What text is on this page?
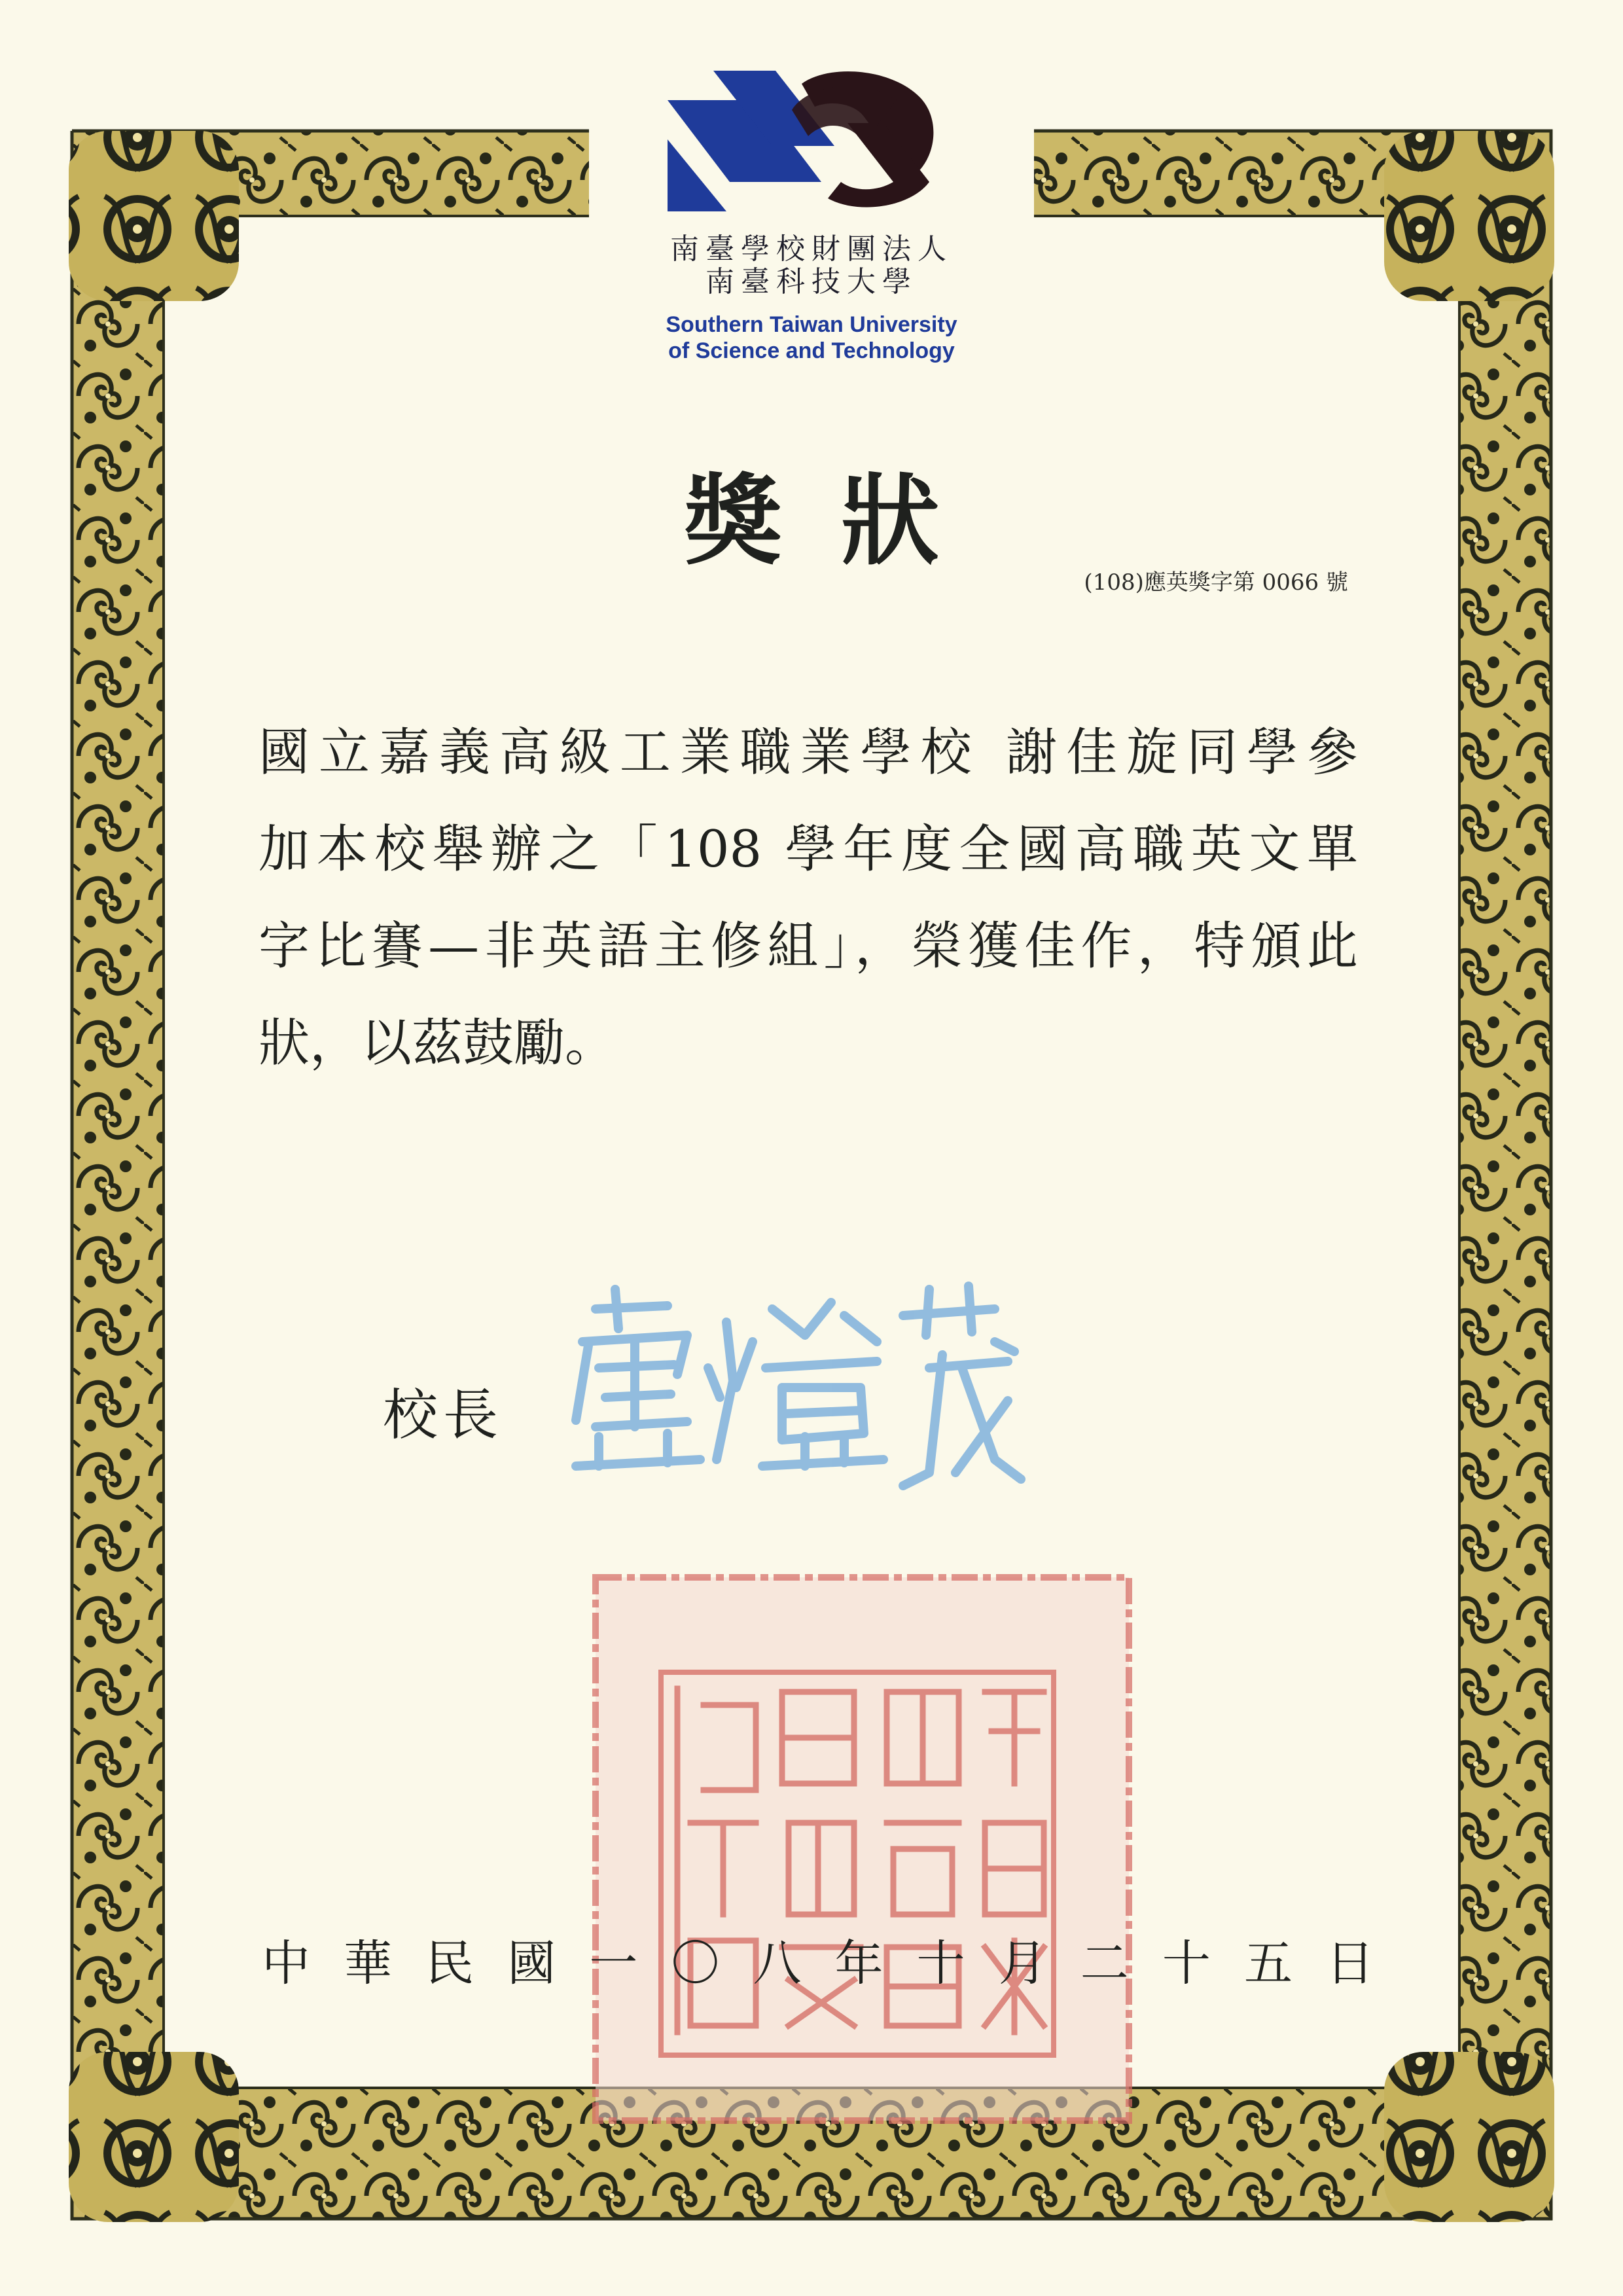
南臺學校財團法人
南臺科技大學
Southern Taiwan University
of Science and Technology
獎狀
(108)應英獎字第 0066 號
國立嘉義高級工業職業學校 謝佳旋同學參
加本校舉辦之「108 學年度全國高職英文單
字比賽—非英語主修組」，榮獲佳作，特頒此
狀，以茲鼓勵。
校長
中 華 民 國 一 〇 八 年 十 月 二 十 五 日
